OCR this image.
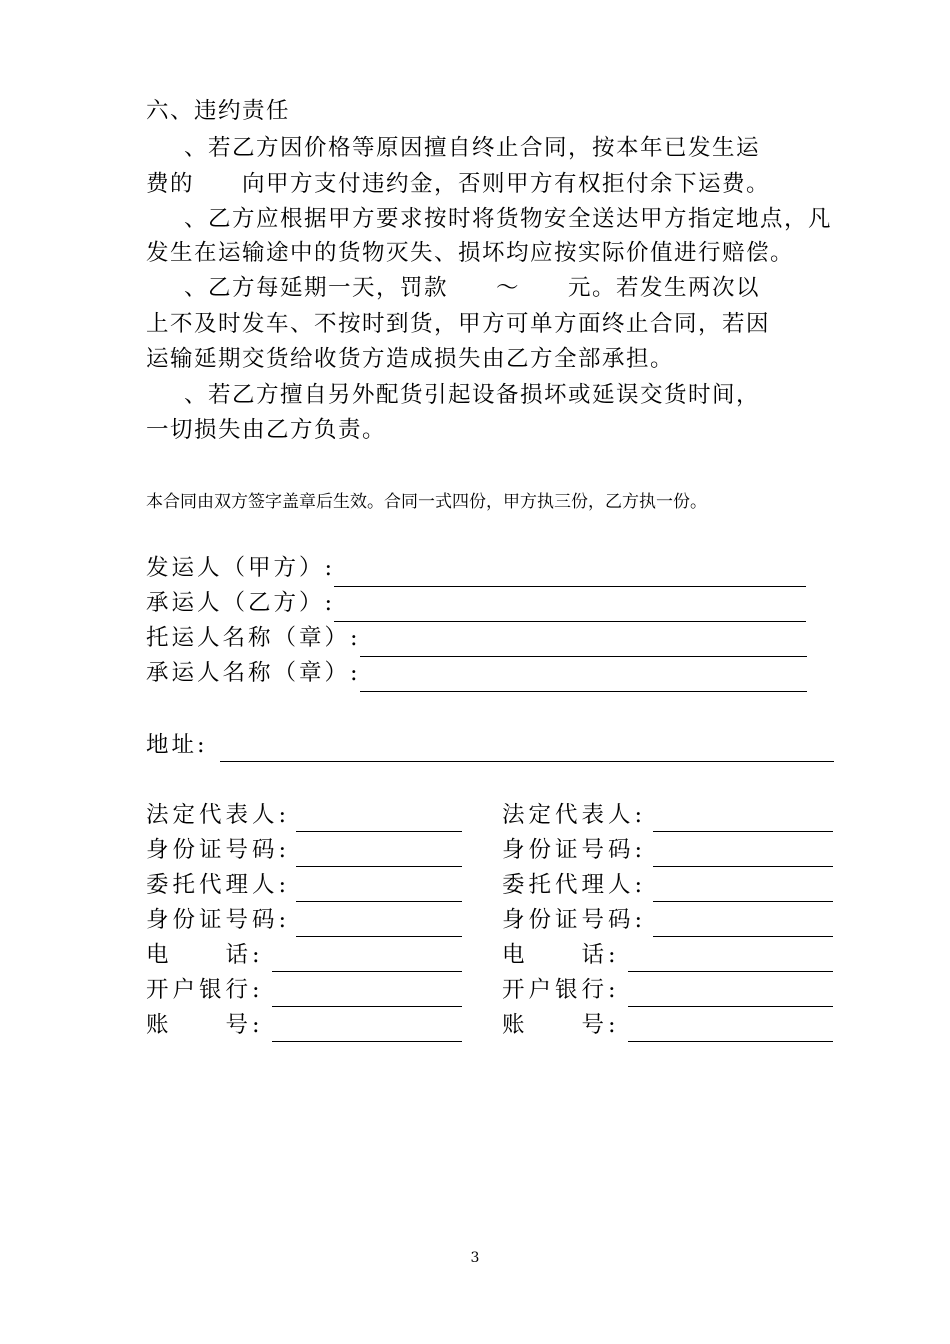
六、违约责任
、若乙方因价格等原因擅自终止合同，按本年已发生运
费的　　向甲方支付违约金，否则甲方有权拒付余下运费。
、乙方应根据甲方要求按时将货物安全送达甲方指定地点，凡
发生在运输途中的货物灭失、损坏均应按实际价值进行赔偿。
、乙方每延期一天，罚款　　～　　元。若发生两次以
上不及时发车、不按时到货，甲方可单方面终止合同，若因
运输延期交货给收货方造成损失由乙方全部承担。
、若乙方擅自另外配货引起设备损坏或延误交货时间，
一切损失由乙方负责。
本合同由双方签字盖章后生效。合同一式四份，甲方执三份，乙方执一份。
发运人（甲方）:
承运人（乙方）:
托运人名称（章）:
承运人名称（章）:
地址:
法定代表人:
身份证号码:
委托代理人:
身份证号码:
电　　话:
开户银行:
账　　号:
法定代表人:
身份证号码:
委托代理人:
身份证号码:
电　　话:
开户银行:
账　　号:
3
